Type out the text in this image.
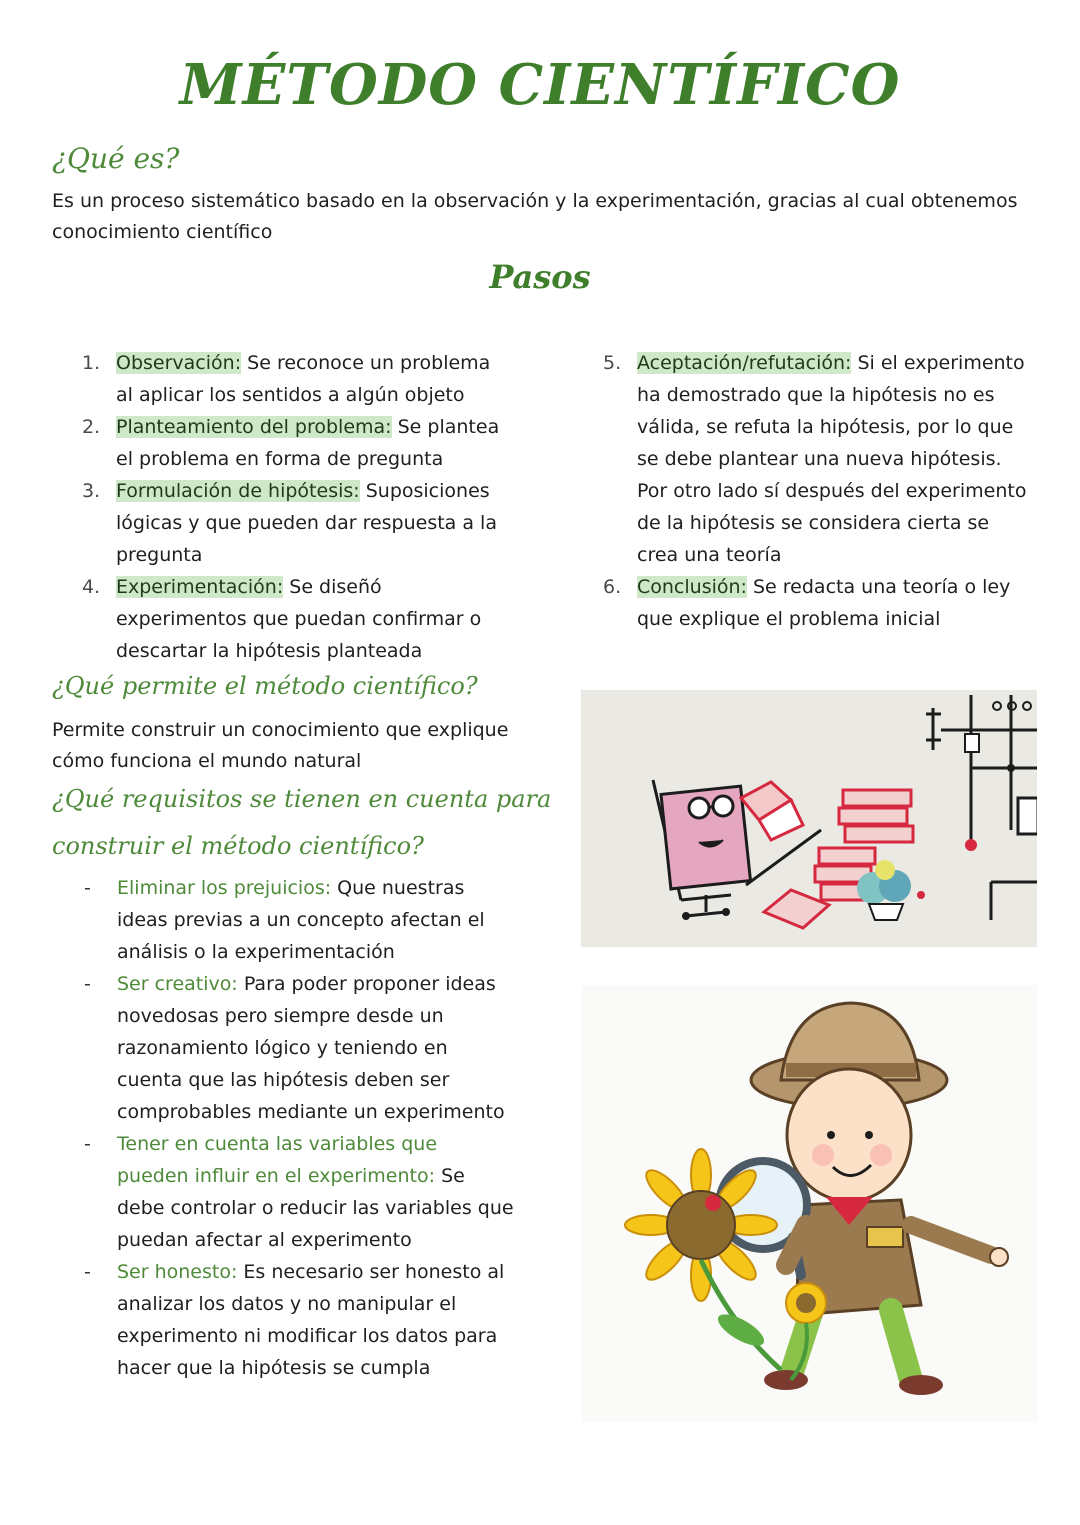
MÉTODO CIENTÍFICO
¿Qué es?

Es un proceso sistemático basado en la observación y la experimentación, gracias al cual obtenemos conocimiento científico

Pasos
1. Observación: Se reconoce un problema al aplicar los sentidos a algún objeto
2. Planteamiento del problema: Se plantea el problema en forma de pregunta
3. Formulación de hipótesis: Suposiciones lógicas y que pueden dar respuesta a la pregunta
4. Experimentación: Se diseñó experimentos que puedan confirmar o descartar la hipótesis planteada
5. Aceptación/refutación: Si el experimento ha demostrado que la hipótesis no es válida, se refuta la hipótesis, por lo que se debe plantear una nueva hipótesis. Por otro lado sí después del experimento de la hipótesis se considera cierta se crea una teoría
6. Conclusión: Se redacta una teoría o ley que explique el problema inicial
¿Qué permite el método científico?

Permite construir un conocimiento que explique cómo funciona el mundo natural

¿Qué requisitos se tienen en cuenta para
construir el método científico?
- Eliminar los prejuicios: Que nuestras ideas previas a un concepto afectan el análisis o la experimentación
- Ser creativo: Para poder proponer ideas novedosas pero siempre desde un razonamiento lógico y teniendo en cuenta que las hipótesis deben ser comprobables mediante un experimento
- Tener en cuenta las variables que pueden influir en el experimento: Se debe controlar o reducir las variables que puedan afectar al experimento
- Ser honesto: Es necesario ser honesto al analizar los datos y no manipular el experimento ni modificar los datos para hacer que la hipótesis se cumpla
